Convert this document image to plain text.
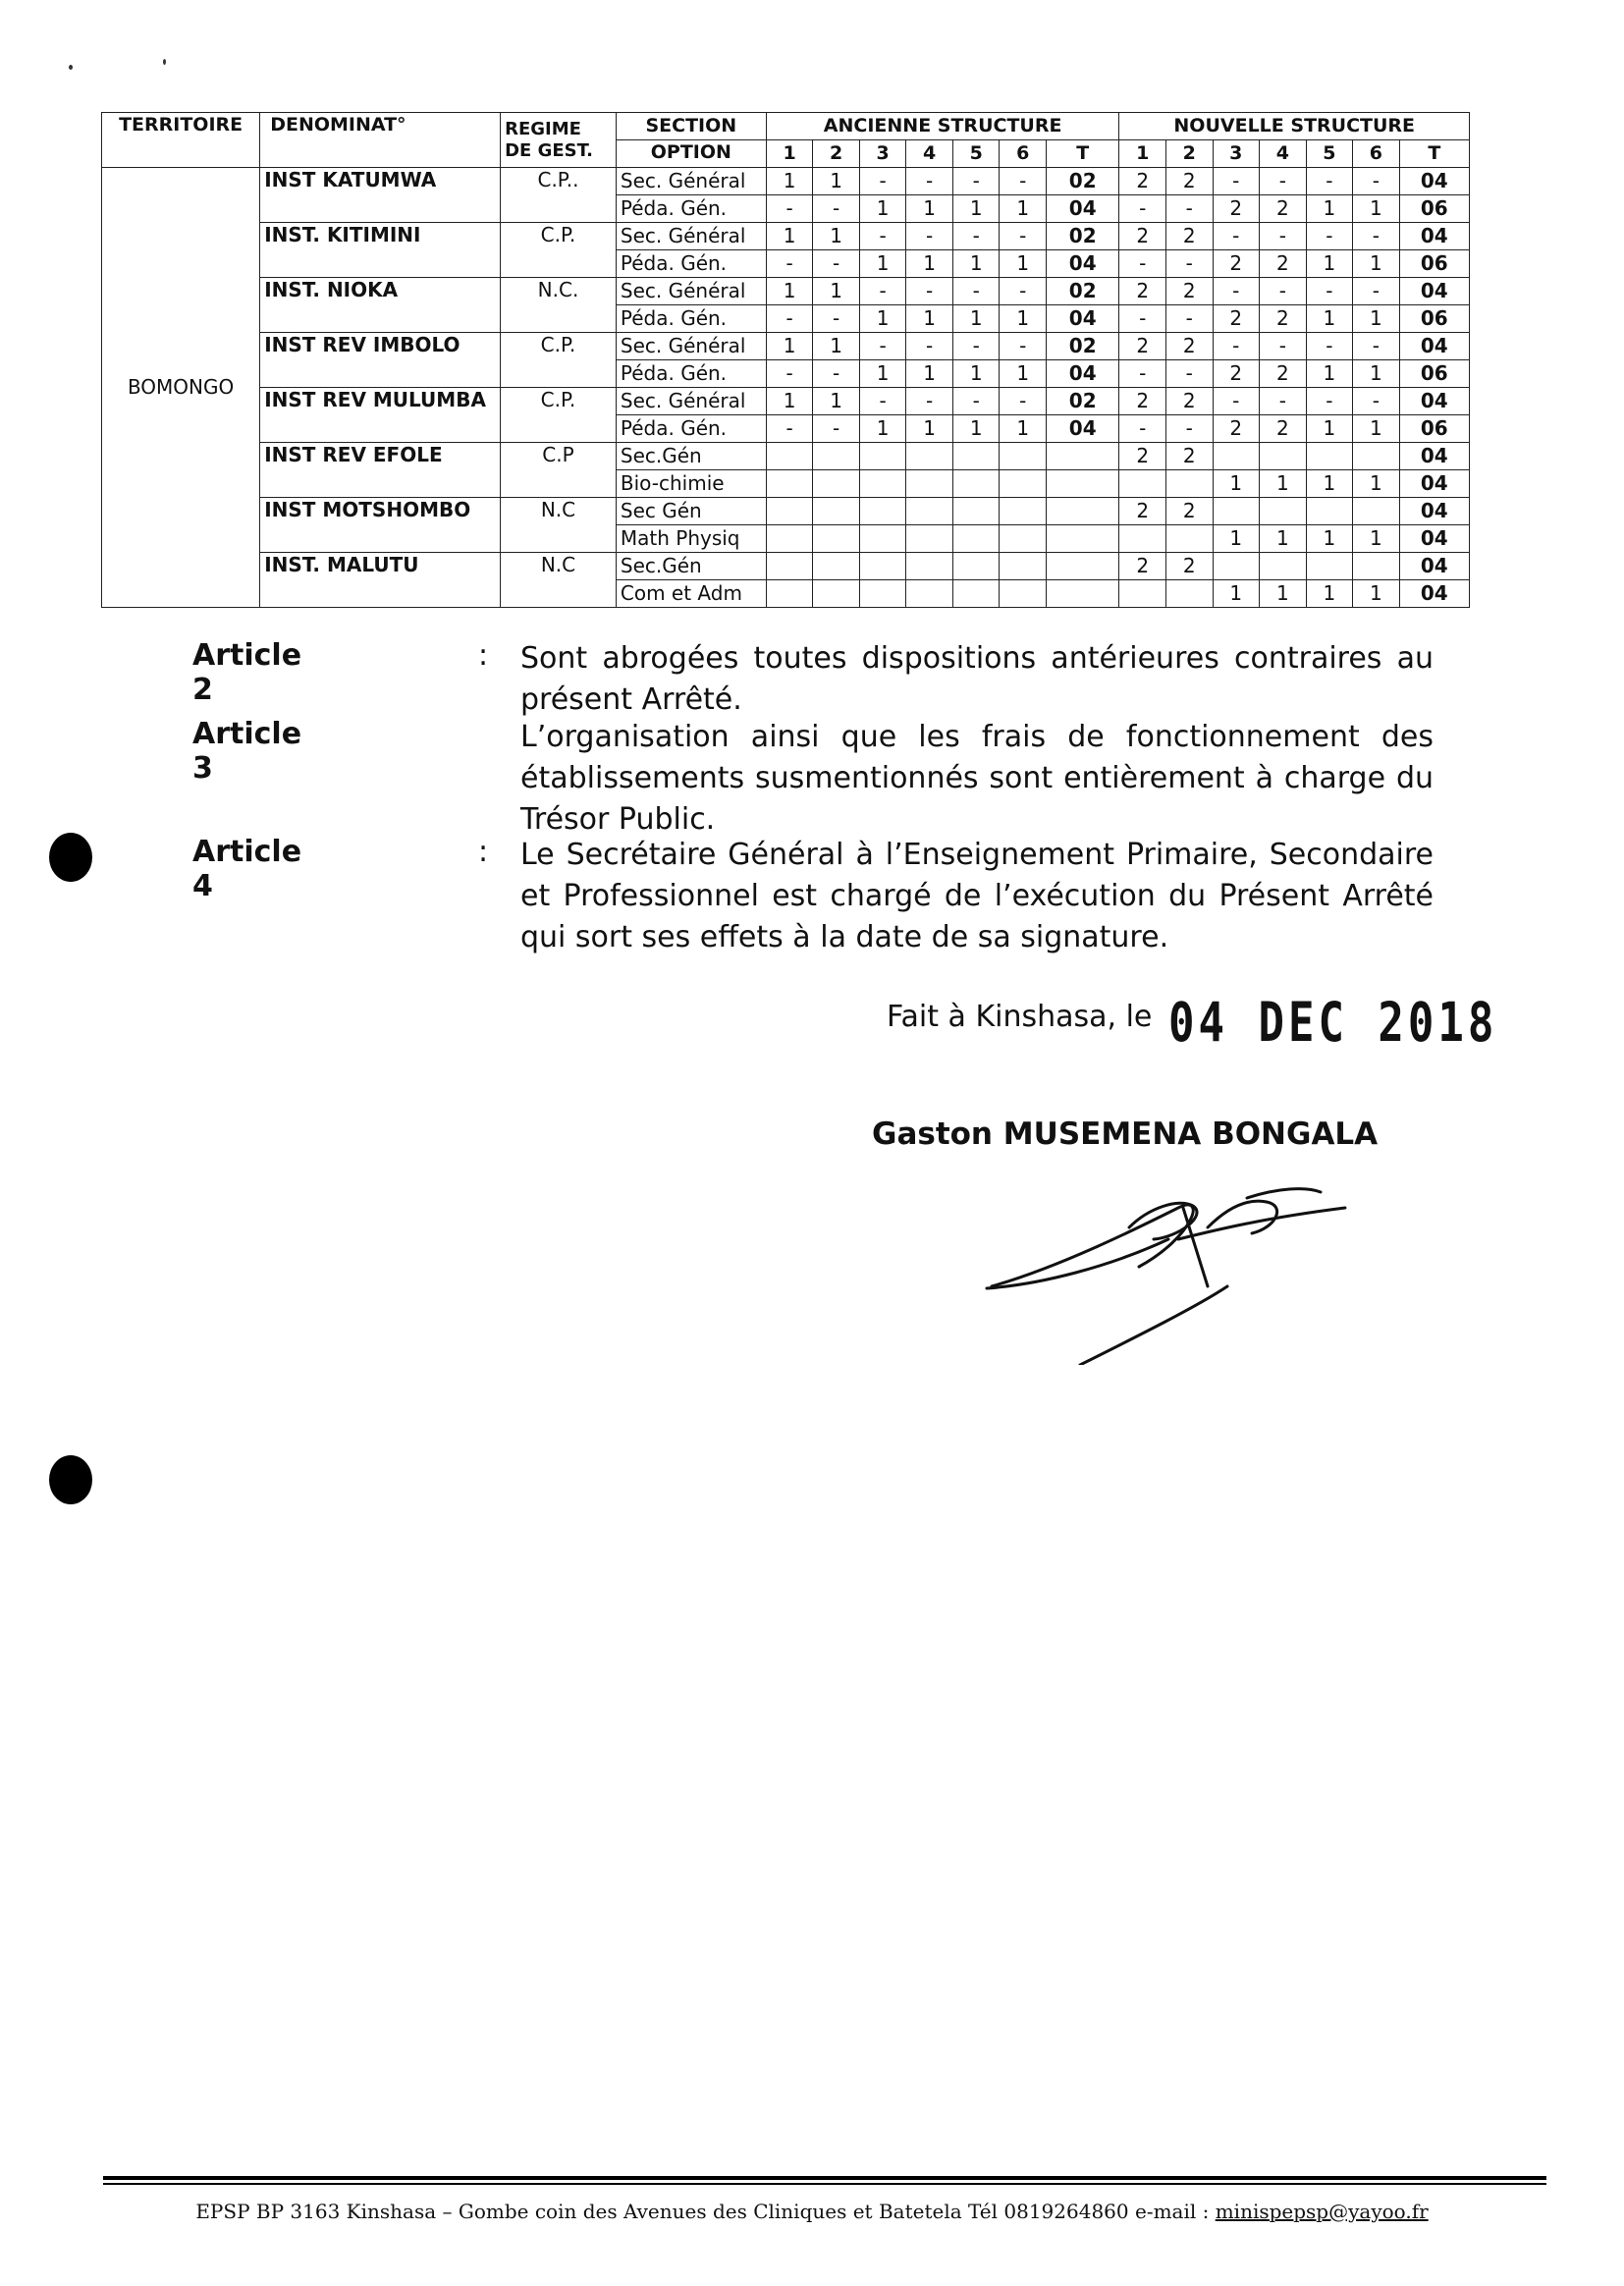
TERRITOIRE	DENOMINAT°	REGIME DE GEST.	SECTION	ANCIENNE STRUCTURE							NOUVELLE STRUCTURE						
			OPTION	1	2	3	4	5	6	T	1	2	3	4	5	6	T
BOMONGO	INST KATUMWA	C.P..	Sec. Général	1	1	-	-	-	-	02	2	2	-	-	-	-	04
			Péda. Gén.	-	-	1	1	1	1	04	-	-	2	2	1	1	06
	INST. KITIMINI	C.P.	Sec. Général	1	1	-	-	-	-	02	2	2	-	-	-	-	04
			Péda. Gén.	-	-	1	1	1	1	04	-	-	2	2	1	1	06
	INST. NIOKA	N.C.	Sec. Général	1	1	-	-	-	-	02	2	2	-	-	-	-	04
			Péda. Gén.	-	-	1	1	1	1	04	-	-	2	2	1	1	06
	INST REV IMBOLO	C.P.	Sec. Général	1	1	-	-	-	-	02	2	2	-	-	-	-	04
			Péda. Gén.	-	-	1	1	1	1	04	-	-	2	2	1	1	06
	INST REV MULUMBA	C.P.	Sec. Général	1	1	-	-	-	-	02	2	2	-	-	-	-	04
			Péda. Gén.	-	-	1	1	1	1	04	-	-	2	2	1	1	06
	INST REV EFOLE	C.P	Sec.Gén								2	2					04
			Bio-chimie										1	1	1	1	04
	INST MOTSHOMBO	N.C	Sec Gén								2	2					04
			Math Physiq										1	1	1	1	04
	INST. MALUTU	N.C	Sec.Gén								2	2					04
			Com et Adm										1	1	1	1	04
Article 2
: Sont abrogées toutes dispositions antérieures contraires au présent Arrêté.
Article 3
L’organisation ainsi que les frais de fonctionnement des établissements susmentionnés sont entièrement à charge du Trésor Public.
Article 4
: Le Secrétaire Général à l’Enseignement Primaire, Secondaire et Professionnel est chargé de l’exécution du Présent Arrêté qui sort ses effets à la date de sa signature.
Fait à Kinshasa, le 04 DEC 2018
Gaston MUSEMENA BONGALA
EPSP BP 3163 Kinshasa – Gombe coin des Avenues des Cliniques et Batetela Tél 0819264860 e-mail : minispepsp@yayoo.fr
